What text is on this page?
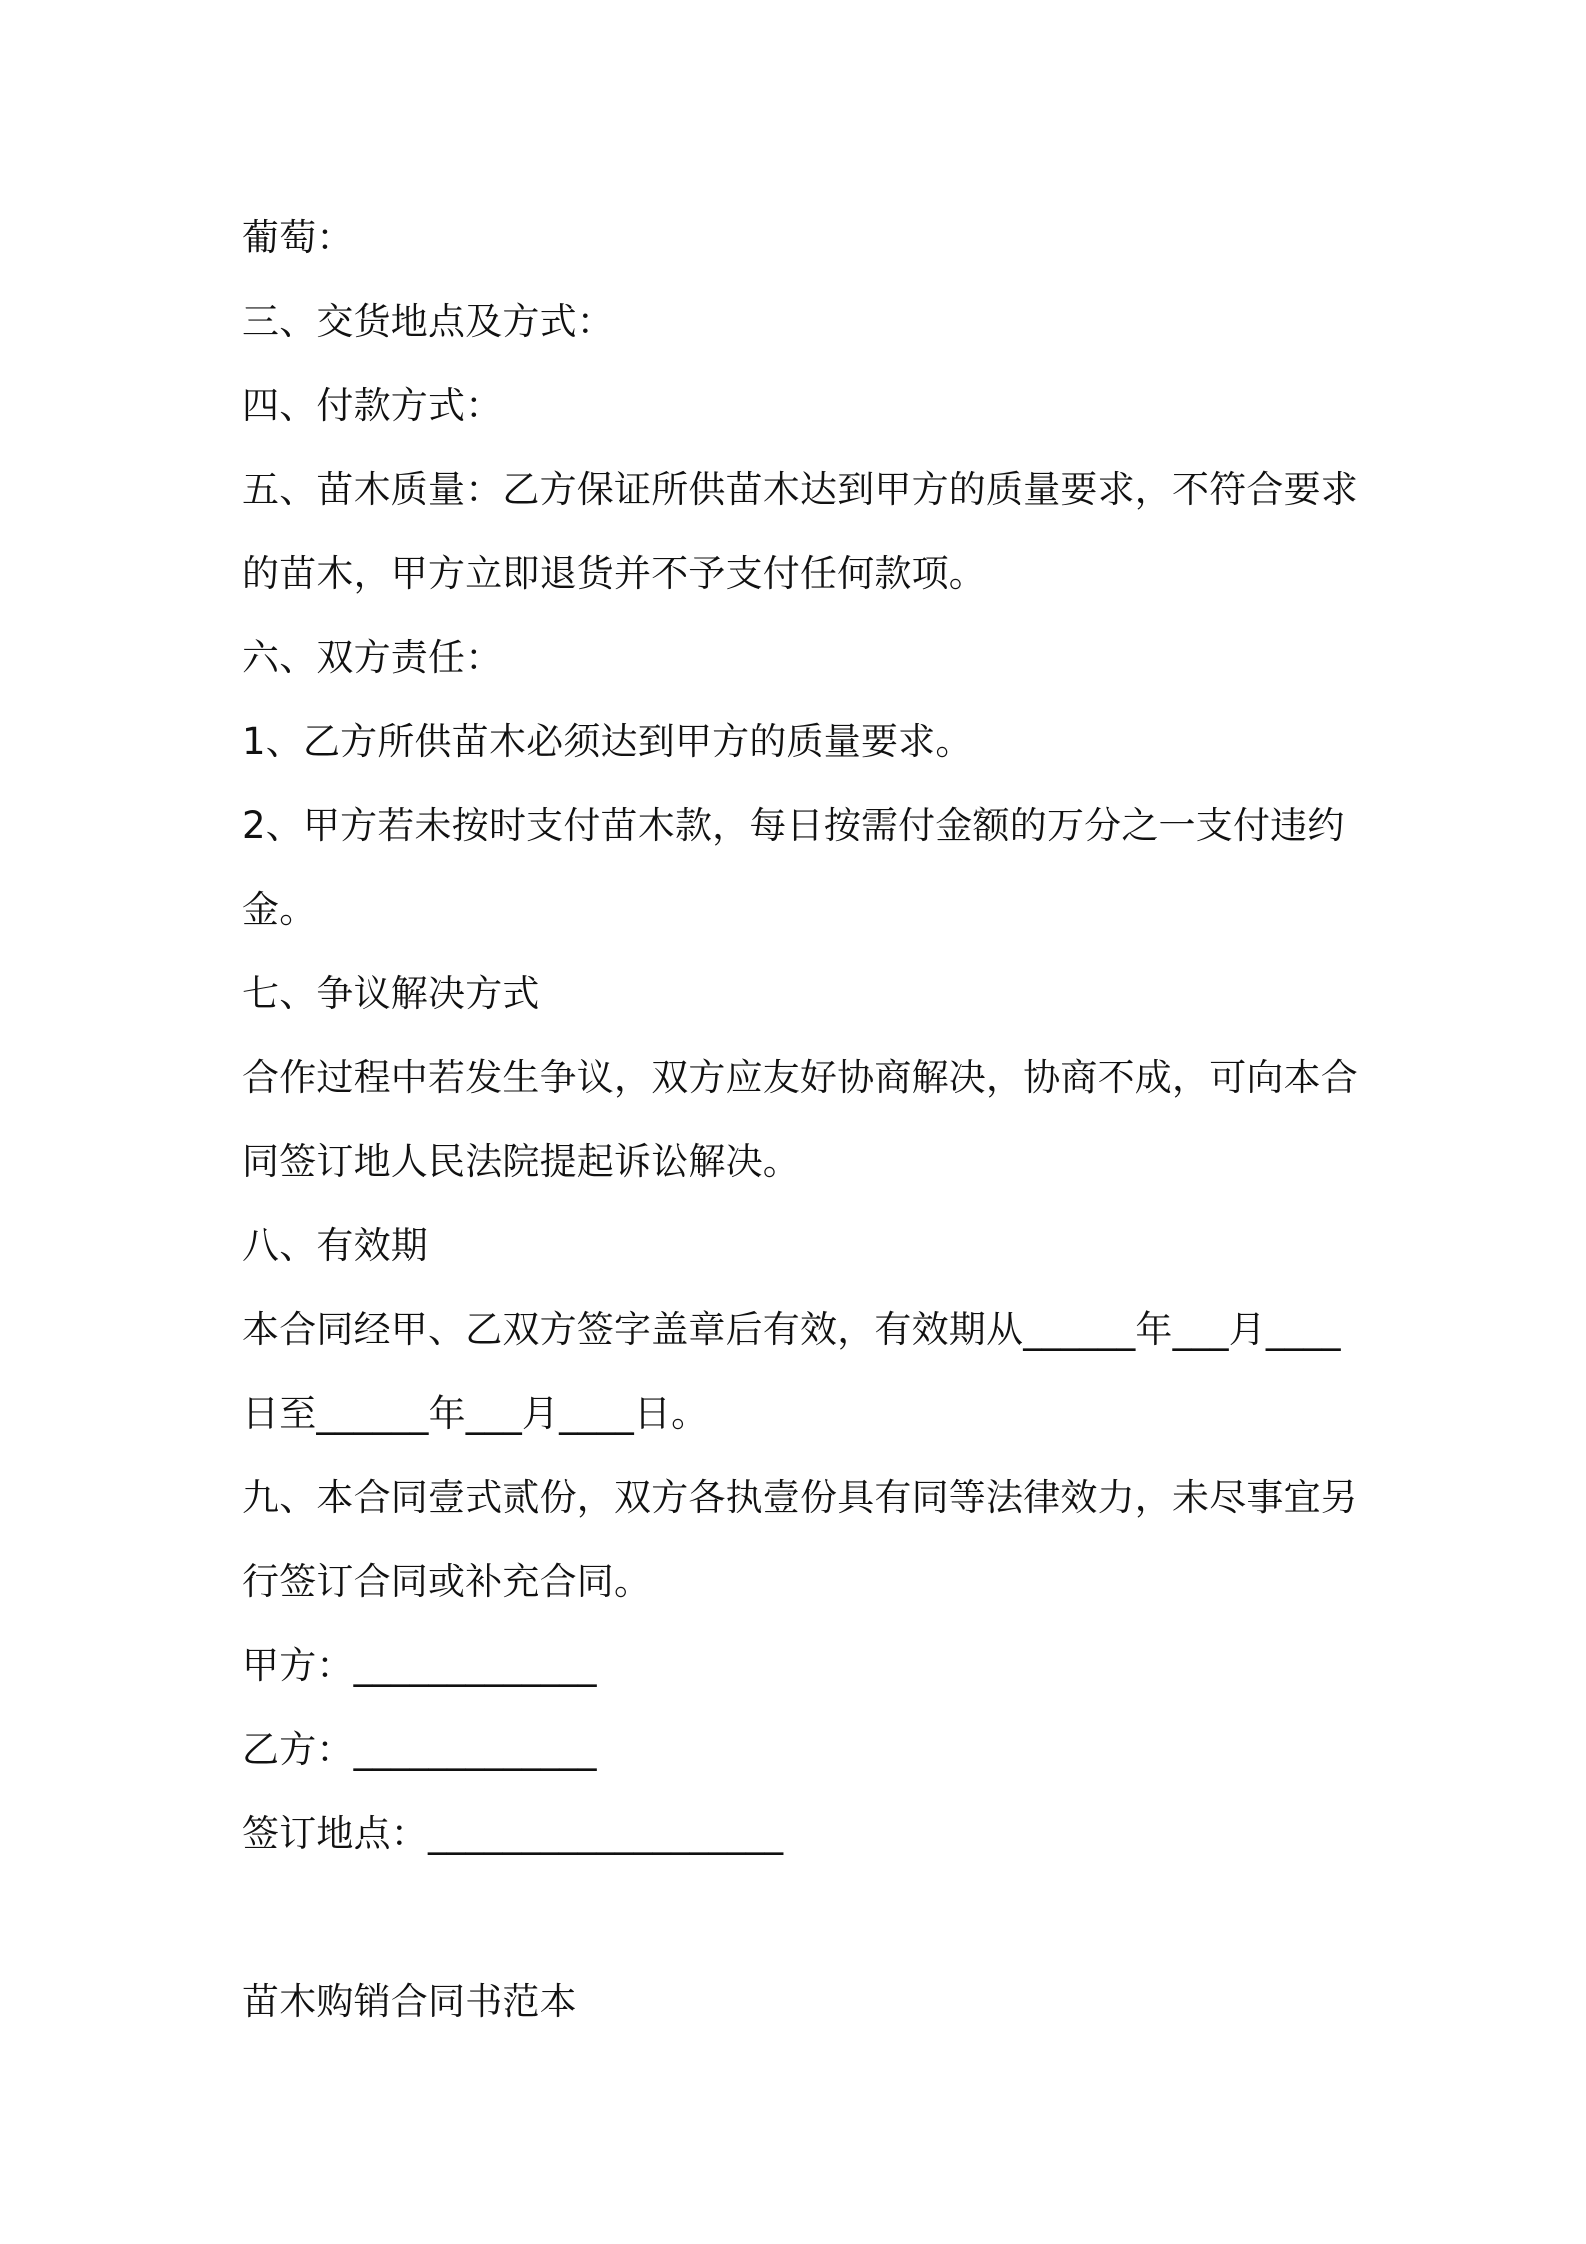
葡萄：
三、交货地点及方式：
四、付款方式：
五、苗木质量：乙方保证所供苗木达到甲方的质量要求，不符合要求
的苗木，甲方立即退货并不予支付任何款项。
六、双方责任：
1、乙方所供苗木必须达到甲方的质量要求。
2、甲方若未按时支付苗木款，每日按需付金额的万分之一支付违约
金。
七、争议解决方式
合作过程中若发生争议，双方应友好协商解决，协商不成，可向本合
同签订地人民法院提起诉讼解决。
八、有效期
本合同经甲、乙双方签字盖章后有效，有效期从______年___月____
日至______年___月____日。
九、本合同壹式贰份，双方各执壹份具有同等法律效力，未尽事宜另
行签订合同或补充合同。
甲方：_____________
乙方：_____________
签订地点：___________________
苗木购销合同书范本
